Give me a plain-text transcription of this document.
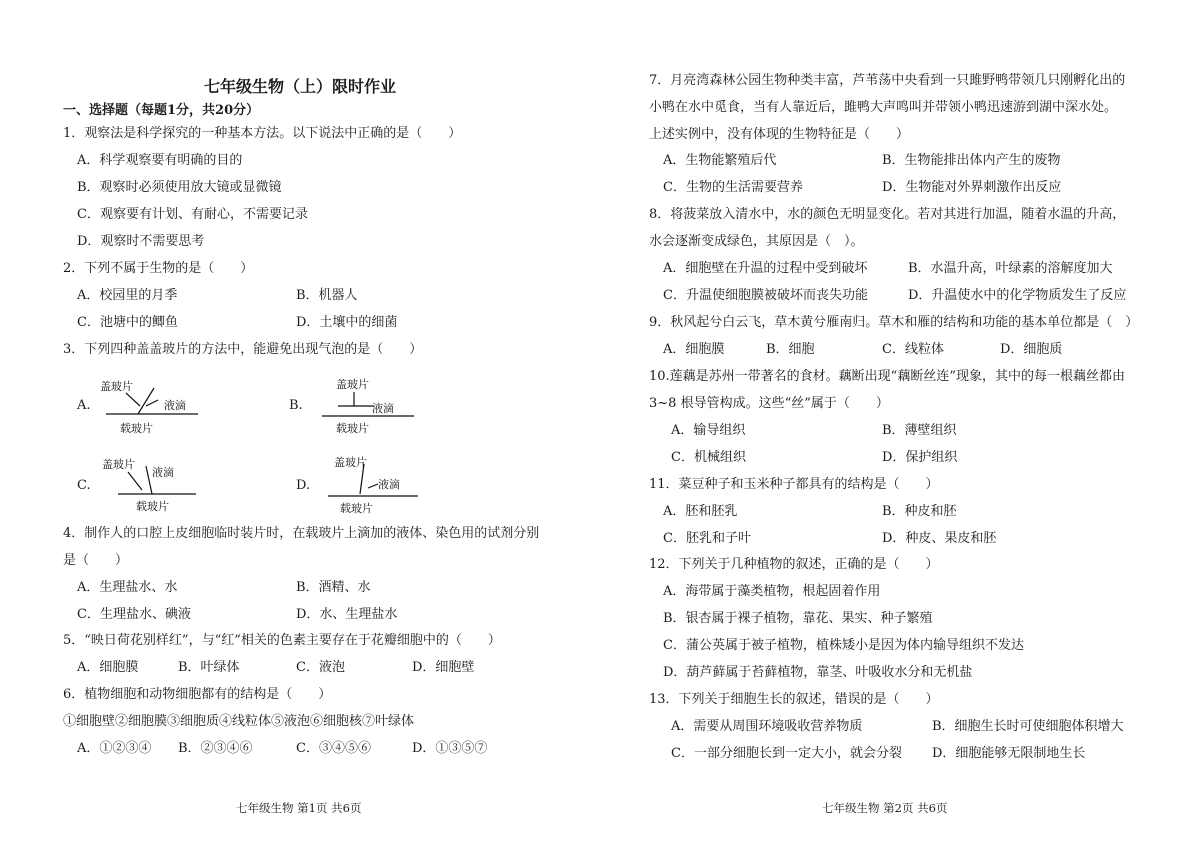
七年级生物（上）限时作业
一、选择题（每题1分，共20分）
1．观察法是科学探究的一种基本方法。以下说法中正确的是（　　）
A．科学观察要有明确的目的
B．观察时必须使用放大镜或显微镜
C．观察要有计划、有耐心，不需要记录
D．观察时不需要思考
2．下列不属于生物的是（　　）
A．校园里的月季	B．机器人
C．池塘中的鲫鱼	D．土壤中的细菌
3．下列四种盖盖玻片的方法中，能避免出现气泡的是（　　）
A.
盖玻片
液滴
载玻片
B.
盖玻片
液滴
载玻片
C.
盖玻片
液滴
载玻片
D.
盖玻片
液滴
载玻片
4．制作人的口腔上皮细胞临时装片时，在载玻片上滴加的液体、染色用的试剂分别
是（　　）
A．生理盐水、水	B．酒精、水
C．生理盐水、碘液	D．水、生理盐水
5．“映日荷花别样红”，与“红”相关的色素主要存在于花瓣细胞中的（　　）
A．细胞膜	B．叶绿体	C．液泡	D．细胞壁
6．植物细胞和动物细胞都有的结构是（　　）
①细胞壁②细胞膜③细胞质④线粒体⑤液泡⑥细胞核⑦叶绿体
A．①②③④ B．②③④⑥	C．③④⑤⑥	D．①③⑤⑦
七年级生物 第1页 共6页
7．月亮湾森林公园生物种类丰富，芦苇荡中央看到一只雎野鸭带领几只刚孵化出的
小鸭在水中觅食，当有人靠近后，雎鸭大声鸣叫并带领小鸭迅速游到湖中深水处。
上述实例中，没有体现的生物特征是（　　）
A．生物能繁殖后代	B．生物能排出体内产生的废物
C．生物的生活需要营养	D．生物能对外界刺激作出反应
8．将菠菜放入清水中，水的颜色无明显变化。若对其进行加温，随着水温的升高，
水会逐渐变成绿色，其原因是（　）。
A．细胞壁在升温的过程中受到破坏	B．水温升高，叶绿素的溶解度加大
C．升温使细胞膜被破坏而丧失功能	D．升温使水中的化学物质发生了反应
9．秋风起兮白云飞，草木黄兮雁南归。草木和雁的结构和功能的基本单位都是（　）
A．细胞膜	B．细胞	C．线粒体	D．细胞质
10.莲藕是苏州一带著名的食材。藕断出现“藕断丝连”现象，其中的每一根藕丝都由
3~8 根导管构成。这些“丝”属于（　　）
A．输导组织	B．薄壁组织
C．机械组织	D．保护组织
11．菜豆种子和玉米种子都具有的结构是（　　）
A．胚和胚乳	B．种皮和胚
C．胚乳和子叶	D．种皮、果皮和胚
12．下列关于几种植物的叙述，正确的是（　　）
A．海带属于藻类植物，根起固着作用
B．银杏属于裸子植物，靠花、果实、种子繁殖
C．蒲公英属于被子植物，植株矮小是因为体内输导组织不发达
D．葫芦藓属于苔藓植物，靠茎、叶吸收水分和无机盐
13．下列关于细胞生长的叙述，错误的是（　　）
A．需要从周围环境吸收营养物质	B．细胞生长时可使细胞体积增大
C．一部分细胞长到一定大小，就会分裂 D．细胞能够无限制地生长
七年级生物 第2页 共6页
